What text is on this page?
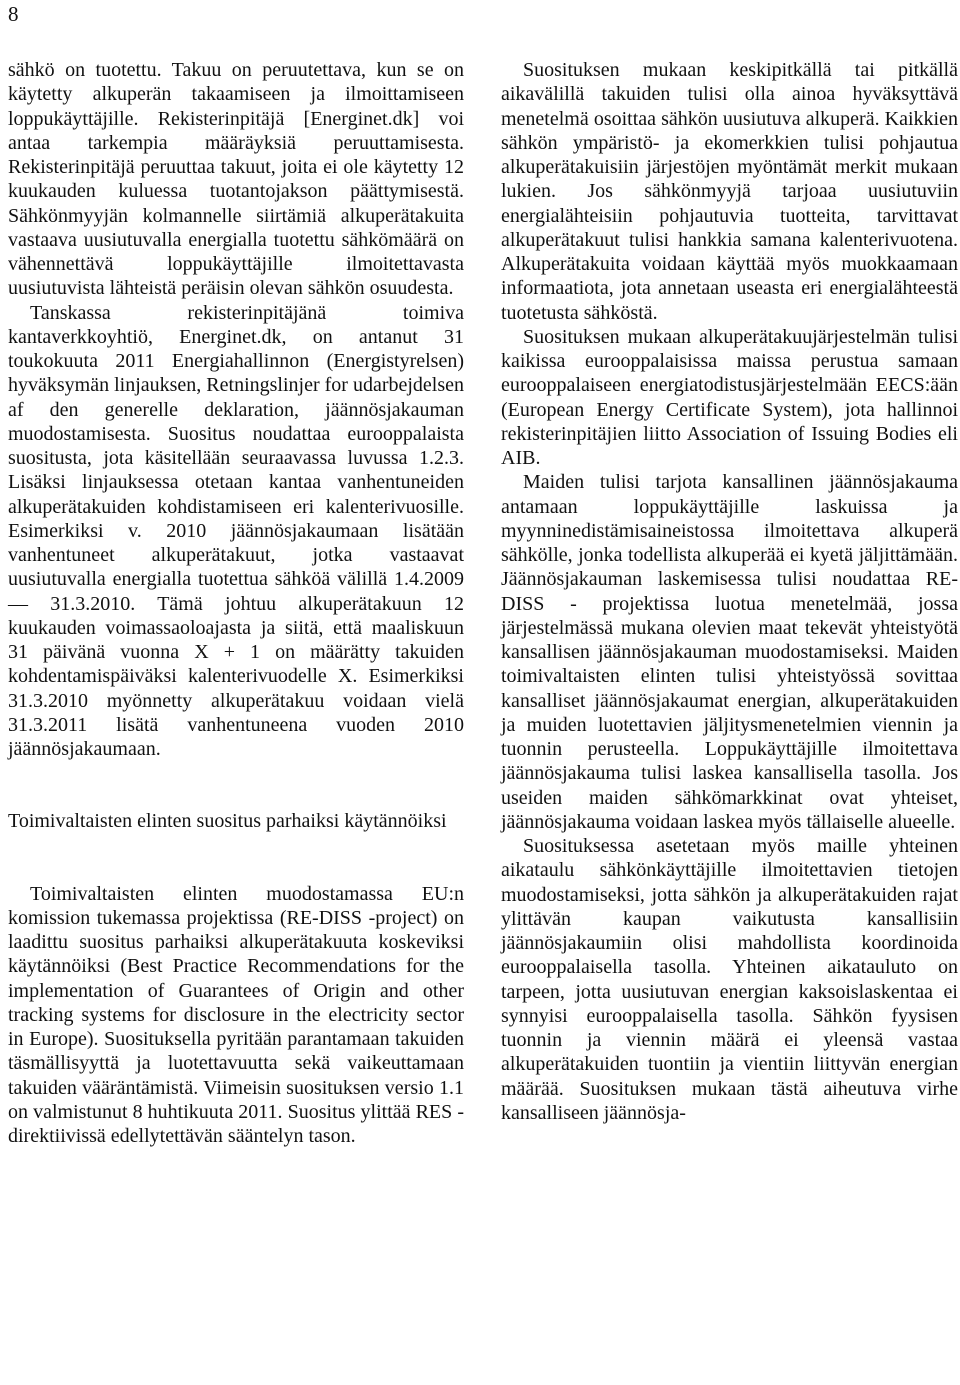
8

sähkö on tuotettu. Takuu on peruutettava, kun se on käytetty alkuperän takaamiseen ja ilmoittamiseen loppukäyttäjille. Rekisterinpitäjä [Energinet.dk] voi antaa tarkempia määräyksiä peruuttamisesta. Rekisterinpitäjä peruuttaa takuut, joita ei ole käytetty 12 kuukauden kuluessa tuotantojakson päättymisestä. Sähkönmyyjän kolmannelle siirtämiä alkuperätakuita vastaava uusiutuvalla energialla tuotettu sähkömäärä on vähennettävä loppukäyttäjille ilmoitettavasta uusiutuvista lähteistä peräisin olevan sähkön osuudesta.

Tanskassa rekisterinpitäjänä toimiva kantaverkkoyhtiö, Energinet.dk, on antanut 31 toukokuuta 2011 Energiahallinnon (Energistyrelsen) hyväksymän linjauksen, Retningslinjer for udarbejdelsen af den generelle deklaration, jäännösjakauman muodostamisesta. Suositus noudattaa eurooppalaista suositusta, jota käsitellään seuraavassa luvussa 1.2.3. Lisäksi linjauksessa otetaan kantaa vanhentuneiden alkuperätakuiden kohdistamiseen eri kalenterivuosille. Esimerkiksi v. 2010 jäännösjakaumaan lisätään vanhentuneet alkuperätakuut, jotka vastaavat uusiutuvalla energialla tuotettua sähköä välillä 1.4.2009— 31.3.2010. Tämä johtuu alkuperätakuun 12 kuukauden voimassaoloajasta ja siitä, että maaliskuun 31 päivänä vuonna X + 1 on määrätty takuiden kohdentamispäiväksi kalenterivuodelle X. Esimerkiksi 31.3.2010 myönnetty alkuperätakuu voidaan vielä 31.3.2011 lisätä vanhentuneena vuoden 2010 jäännösjakaumaan.

Toimivaltaisten elinten suositus parhaiksi käytännöiksi

Toimivaltaisten elinten muodostamassa EU:n komission tukemassa projektissa (RE-DISS -project) on laadittu suositus parhaiksi alkuperätakuuta koskeviksi käytännöiksi (Best Practice Recommendations for the implementation of Guarantees of Origin and other tracking systems for disclosure in the electricity sector in Europe). Suosituksella pyritään parantamaan takuiden täsmällisyyttä ja luotettavuutta sekä vaikeuttamaan takuiden vääräntämistä. Viimeisin suosituksen versio 1.1 on valmistunut 8 huhtikuuta 2011. Suositus ylittää RES -direktiivissä edellytettävän sääntelyn tason.

Suosituksen mukaan keskipitkällä tai pitkällä aikavälillä takuiden tulisi olla ainoa hyväksyttävä menetelmä osoittaa sähkön uusiutuva alkuperä. Kaikkien sähkön ympäristö- ja ekomerkkien tulisi pohjautua alkuperätakuisiin järjestöjen myöntämät merkit mukaan lukien. Jos sähkönmyyjä tarjoaa uusiutuviin energialähteisiin pohjautuvia tuotteita, tarvittavat alkuperätakuut tulisi hankkia samana kalenterivuotena. Alkuperätakuita voidaan käyttää myös muokkaamaan informaatiota, jota annetaan useasta eri energialähteestä tuotetusta sähköstä.

Suosituksen mukaan alkuperätakuujärjestelmän tulisi kaikissa eurooppalaisissa maissa perustua samaan eurooppalaiseen energiatodistusjärjestelmään EECS:ään (European Energy Certificate System), jota hallinnoi rekisterinpitäjien liitto Association of Issuing Bodies eli AIB.

Maiden tulisi tarjota kansallinen jäännösjakauma antamaan loppukäyttäjille laskuissa ja myynninedistämisaineistossa ilmoitettava alkuperä sähkölle, jonka todellista alkuperää ei kyetä jäljittämään. Jäännösjakauman laskemisessa tulisi noudattaa RE-DISS - projektissa luotua menetelmää, jossa järjestelmässä mukana olevien maat tekevät yhteistyötä kansallisen jäännösjakauman muodostamiseksi. Maiden toimivaltaisten elinten tulisi yhteistyössä sovittaa kansalliset jäännösjakaumat energian, alkuperätakuiden ja muiden luotettavien jäljitysmenetelmien viennin ja tuonnin perusteella. Loppukäyttäjille ilmoitettava jäännösjakauma tulisi laskea kansallisella tasolla. Jos useiden maiden sähkömarkkinat ovat yhteiset, jäännösjakauma voidaan laskea myös tällaiselle alueelle.

Suosituksessa asetetaan myös maille yhteinen aikataulu sähkönkäyttäjille ilmoitettavien tietojen muodostamiseksi, jotta sähkön ja alkuperätakuiden rajat ylittävän kaupan vaikutusta kansallisiin jäännösjakaumiin olisi mahdollista koordinoida eurooppalaisella tasolla. Yhteinen aikatauluto on tarpeen, jotta uusiutuvan energian kaksoislaskentaa ei synnyisi eurooppalaisella tasolla. Sähkön fyysisen tuonnin ja viennin määrä ei yleensä vastaa alkuperätakuiden tuontiin ja vientiin liittyvän energian määrää. Suosituksen mukaan tästä aiheutuva virhe kansalliseen jäännösja-
